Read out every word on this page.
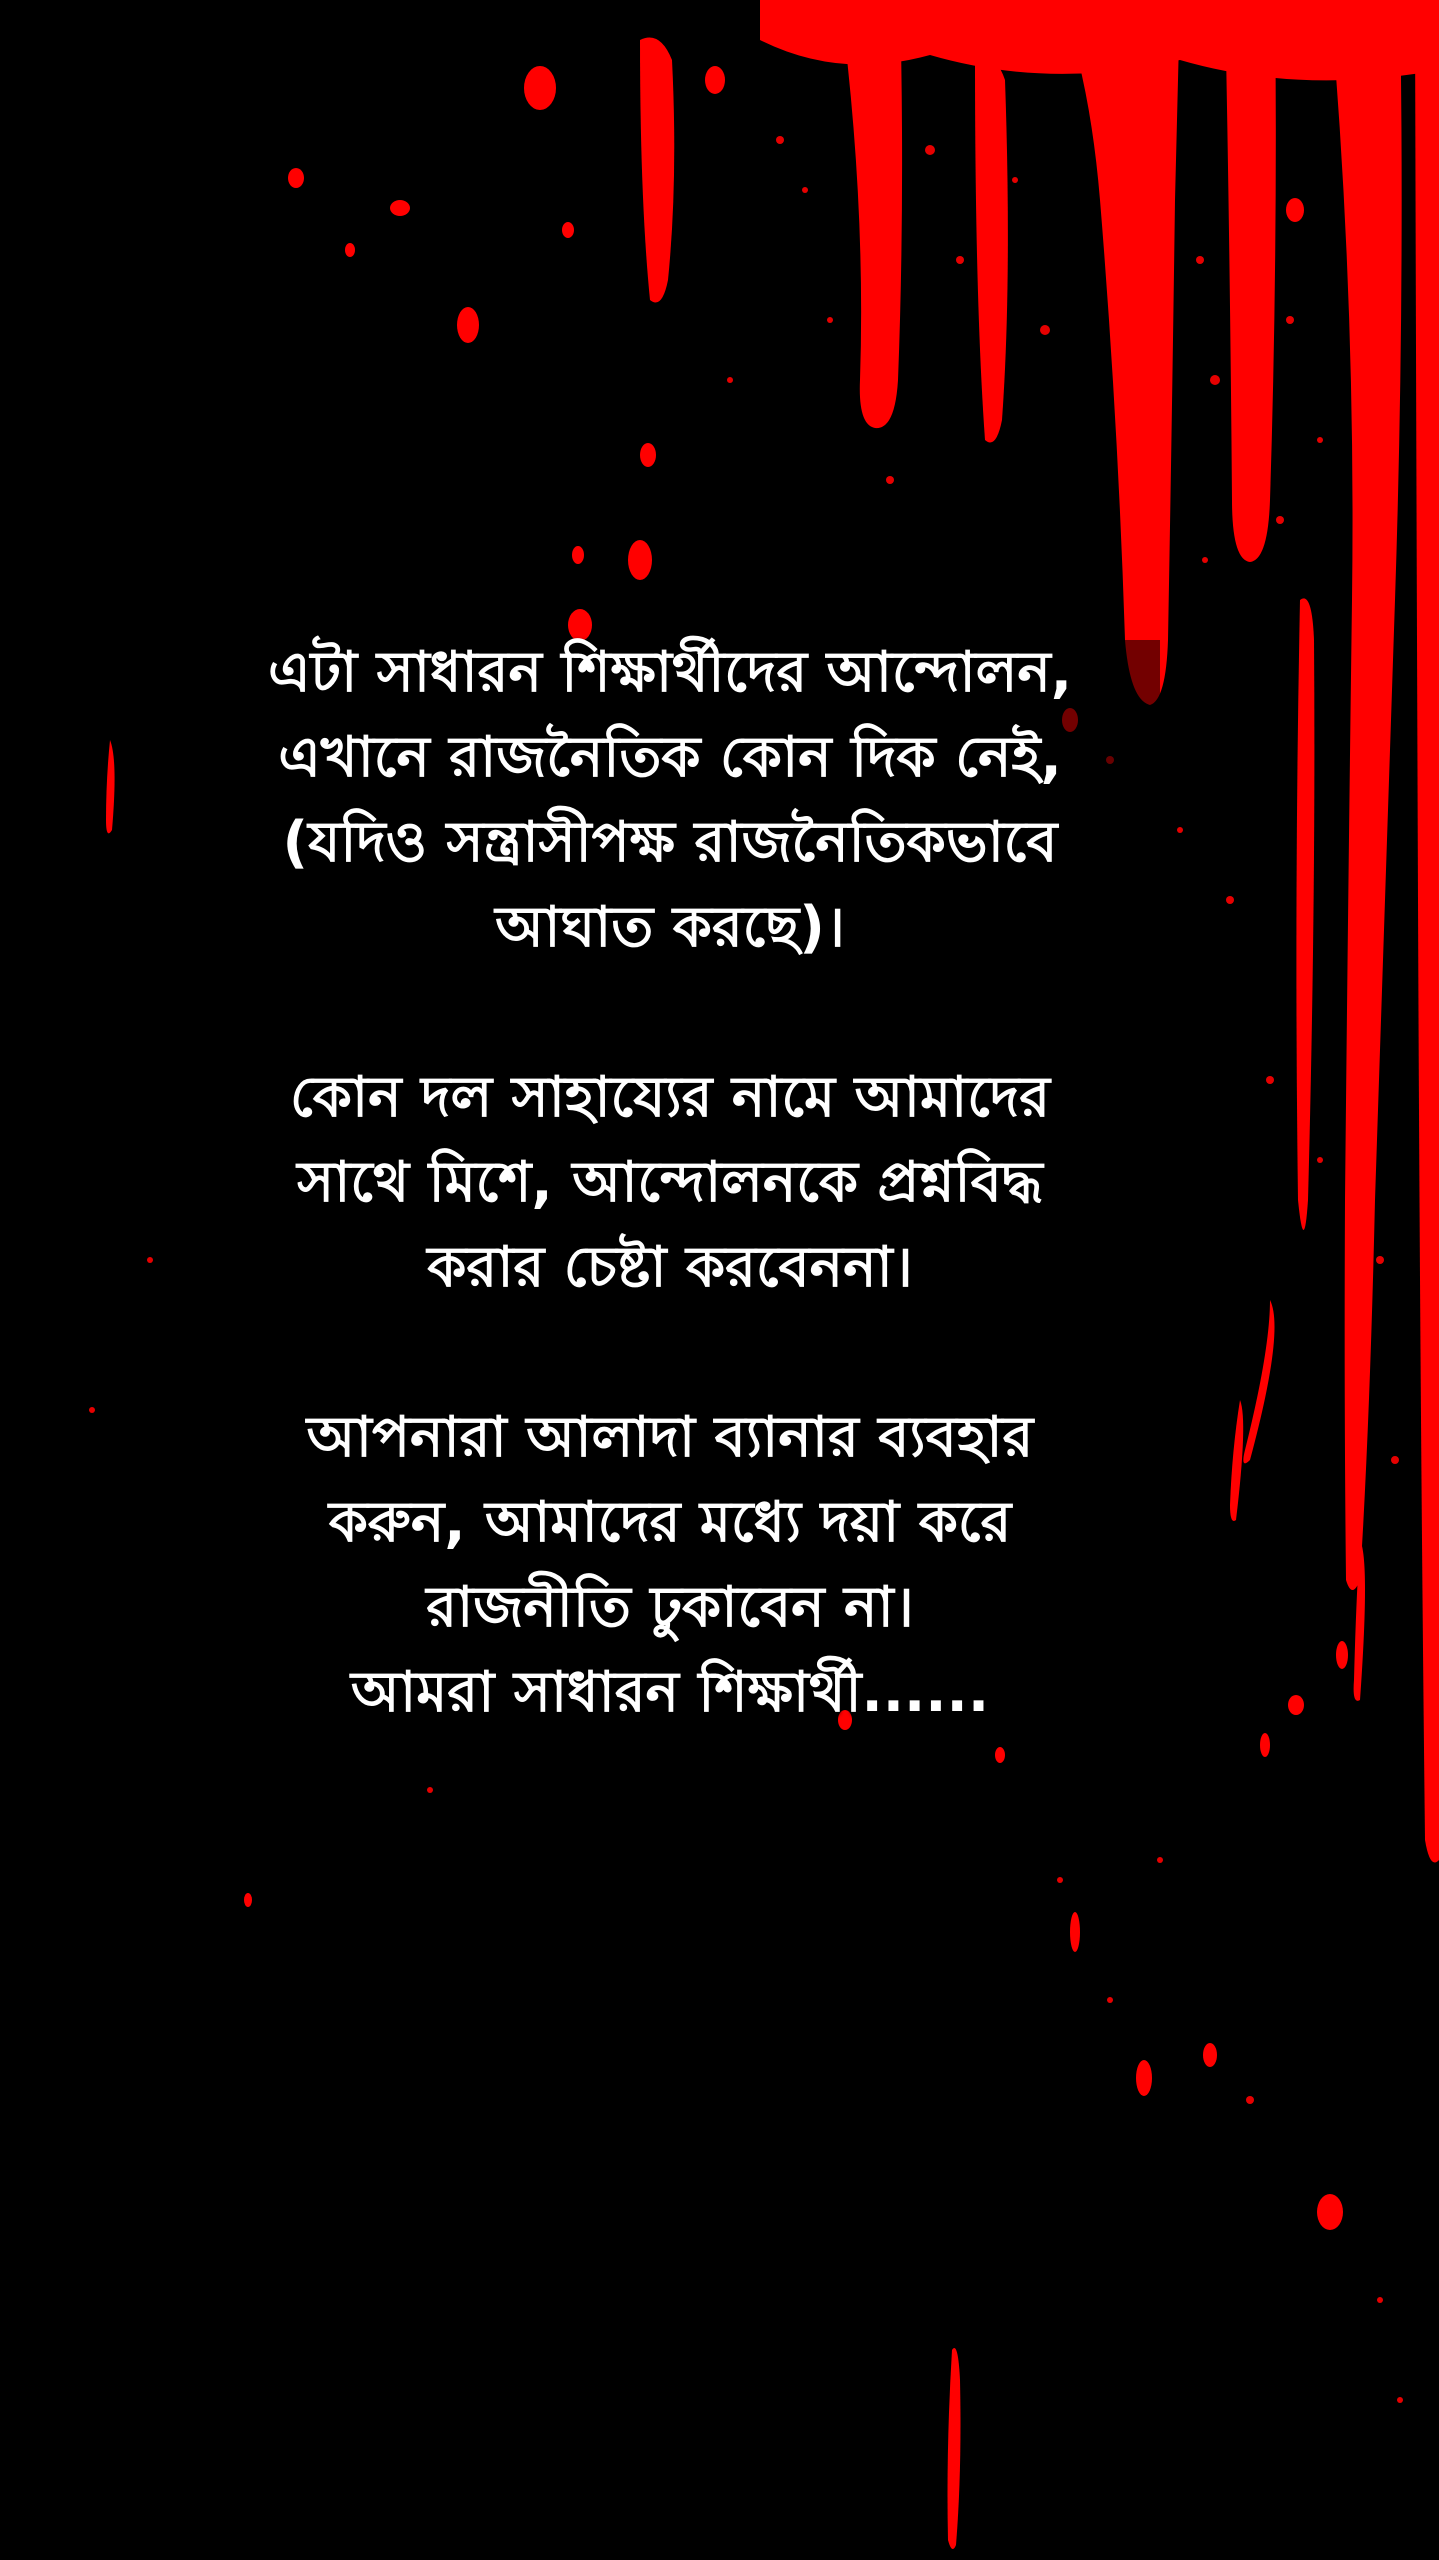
এটা সাধারন শিক্ষার্থীদের আন্দোলন,
এখানে রাজনৈতিক কোন দিক নেই,
(যদিও সন্ত্রাসীপক্ষ রাজনৈতিকভাবে
আঘাত করছে)।

কোন দল সাহায্যের নামে আমাদের
সাথে মিশে, আন্দোলনকে প্রশ্নবিদ্ধ
করার চেষ্টা করবেননা।

আপনারা আলাদা ব্যানার ব্যবহার
করুন, আমাদের মধ্যে দয়া করে
রাজনীতি ঢুকাবেন না।
আমরা সাধারন শিক্ষার্থী......
